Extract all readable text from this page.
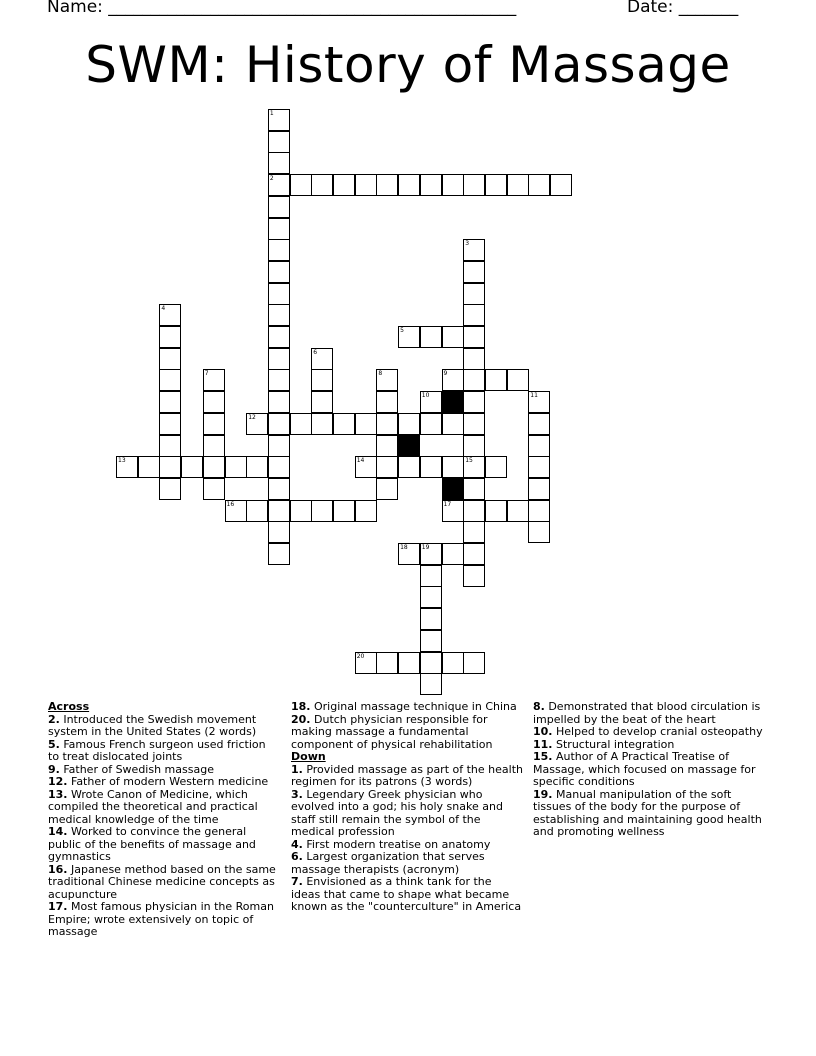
Name: ________________________________________________	Date: _______
SWM: History of Massage
1
2
3
15
4
5
6
7	8	9
10	11
12
13	14
16	17
18 19
20
Across
2. Introduced the Swedish movement system in the United States (2 words)
5. Famous French surgeon used friction to treat dislocated joints
9. Father of Swedish massage
12. Father of modern Western medicine
13. Wrote Canon of Medicine, which compiled the theoretical and practical medical knowledge of the time
14. Worked to convince the general public of the benefits of massage and gymnastics
16. Japanese method based on the same traditional Chinese medicine concepts as acupuncture
17. Most famous physician in the Roman Empire; wrote extensively on topic of massage
18. Original massage technique in China
20. Dutch physician responsible for making massage a fundamental component of physical rehabilitation
Down
1. Provided massage as part of the health regimen for its patrons (3 words)
3. Legendary Greek physician who evolved into a god; his holy snake and staff still remain the symbol of the medical profession
4. First modern treatise on anatomy
6. Largest organization that serves massage therapists (acronym)
7. Envisioned as a think tank for the ideas that came to shape what became known as the "counterculture" in America
8. Demonstrated that blood circulation is impelled by the beat of the heart
10. Helped to develop cranial osteopathy
11. Structural integration
15. Author of A Practical Treatise of Massage, which focused on massage for specific conditions
19. Manual manipulation of the soft tissues of the body for the purpose of establishing and maintaining good health and promoting wellness
